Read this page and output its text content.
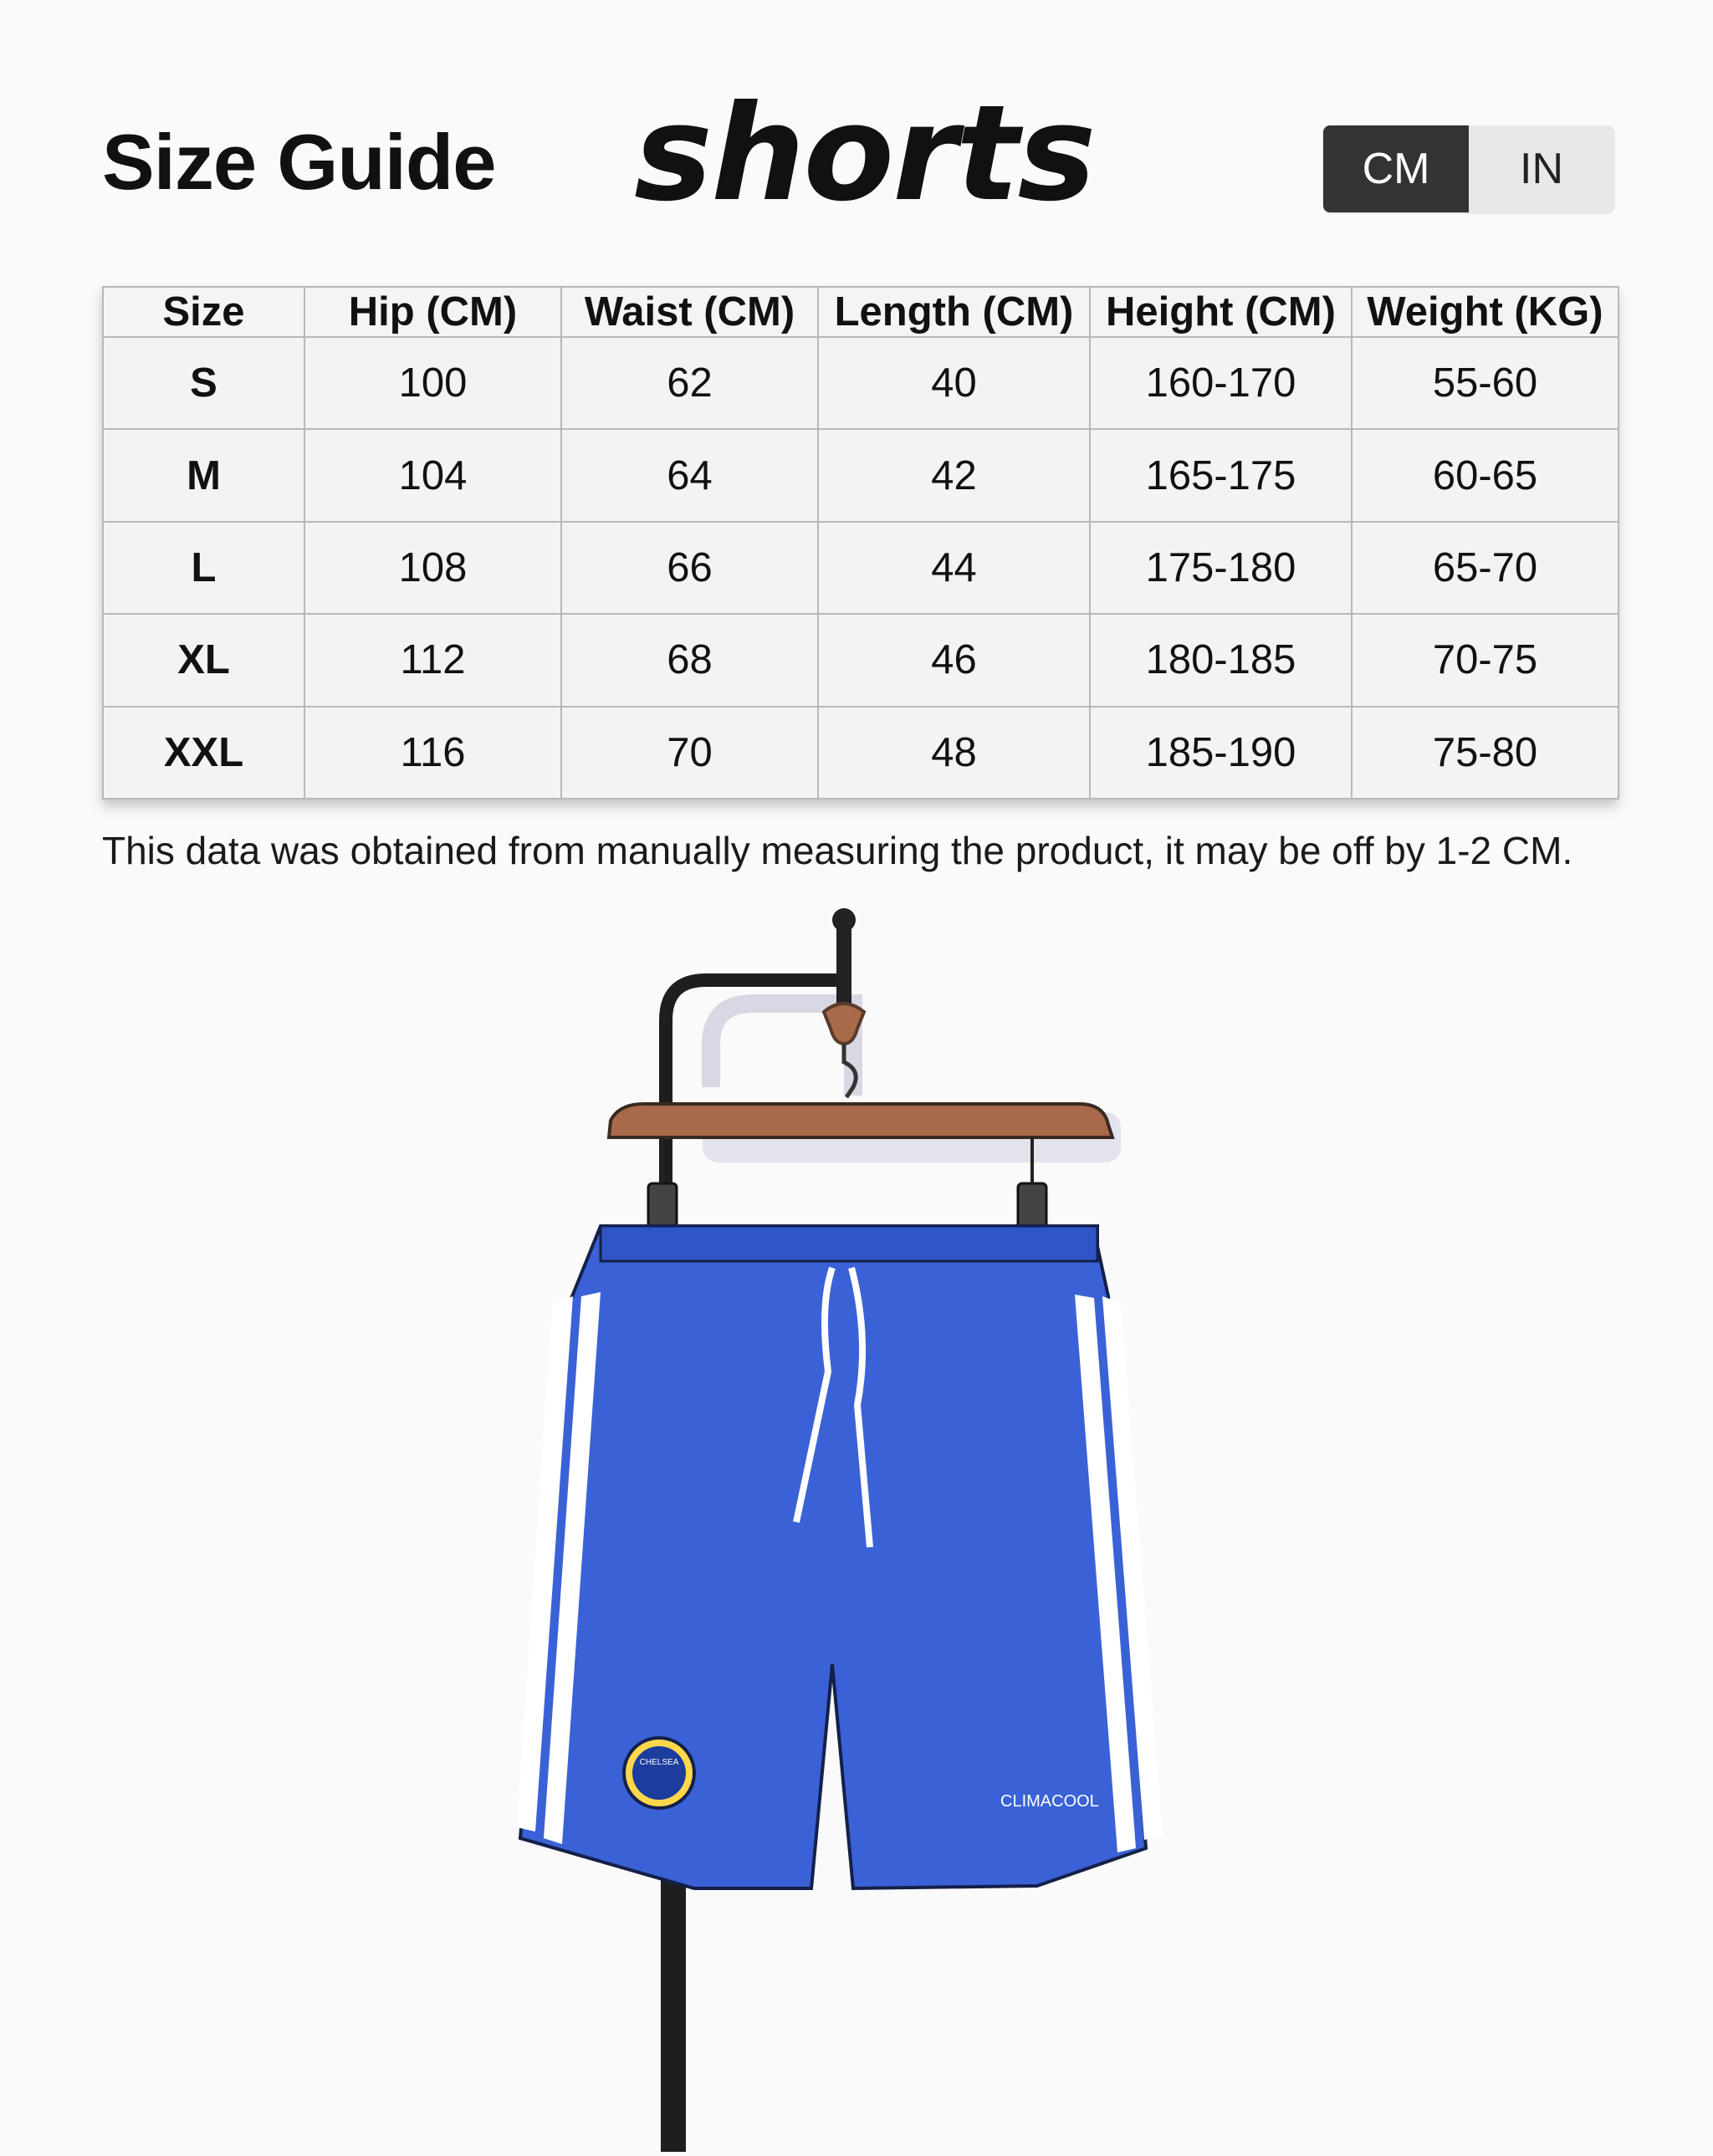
Size Guide shorts	CM	IN
Size	Hip (CM)	Waist (CM)	Length (CM)	Height (CM)	Weight (KG)
S	100	62	40	160-170	55-60
M	104	64	42	165-175	60-65
L	108	66	44	175-180	65-70
XL	112	68	46	180-185	70-75
XXL	116	70	48	185-190	75-80
This data was obtained from manually measuring the product, it may be off by 1-2 CM.
CLIMACOOL
CHELSEA
